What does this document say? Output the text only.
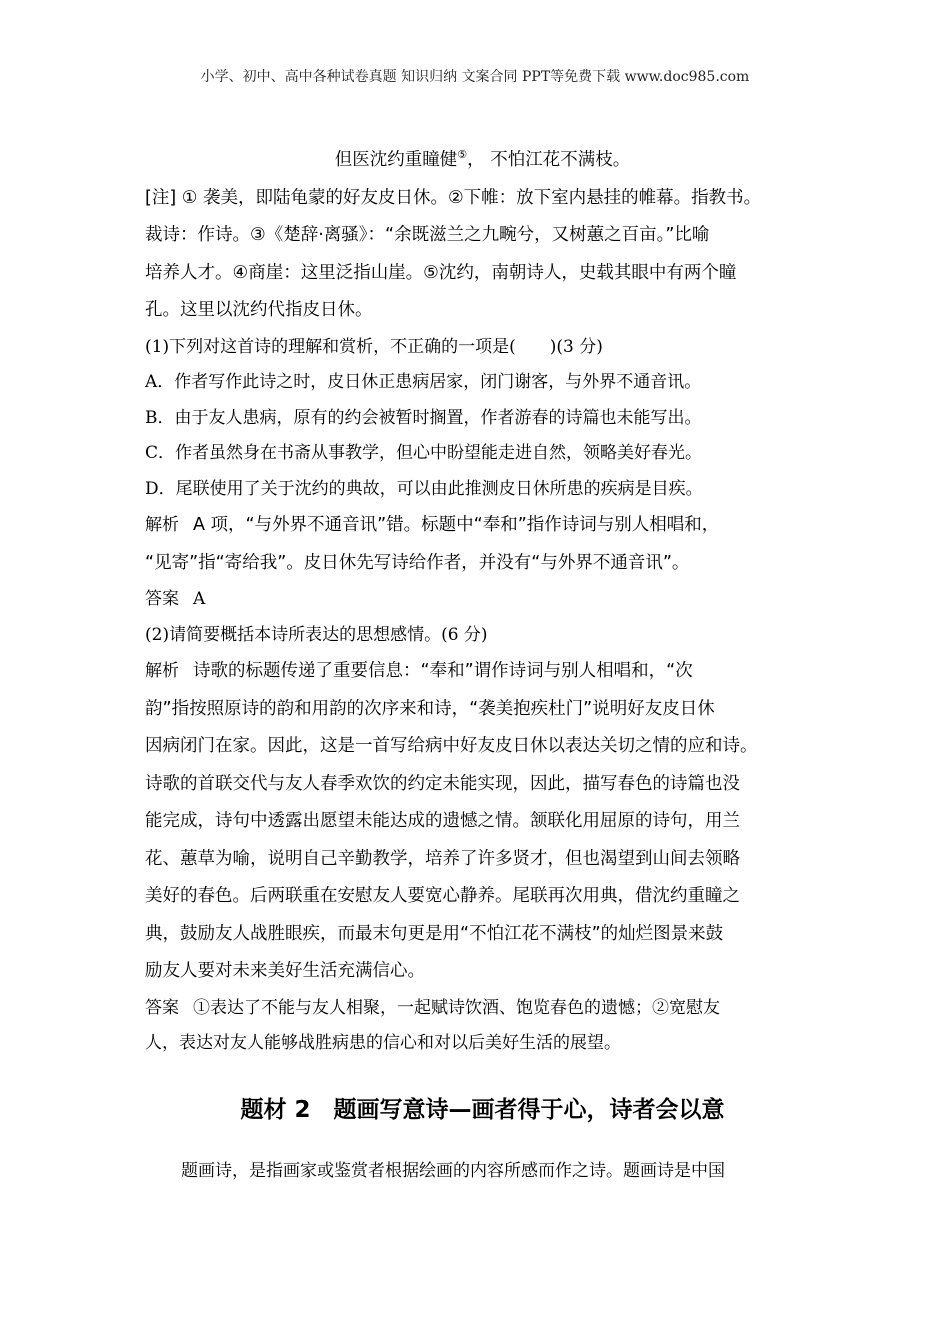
小学、初中、高中各种试卷真题 知识归纳 文案合同 PPT等免费下载 www.doc985.com

但医沈约重瞳健⑤， 不怕江花不满枝。

[注] ① 袭美，即陆龟蒙的好友皮日休。②下帷：放下室内悬挂的帷幕。指教书。

裁诗：作诗。③《楚辞·离骚》：“余既滋兰之九畹兮，又树蕙之百亩。”比喻

培养人才。④商崖：这里泛指山崖。⑤沈约，南朝诗人，史载其眼中有两个瞳

孔。这里以沈约代指皮日休。

(1)下列对这首诗的理解和赏析，不正确的一项是(　　)(3 分)

A．作者写作此诗之时，皮日休正患病居家，闭门谢客，与外界不通音讯。

B．由于友人患病，原有的约会被暂时搁置，作者游春的诗篇也未能写出。

C．作者虽然身在书斋从事教学，但心中盼望能走进自然，领略美好春光。

D．尾联使用了关于沈约的典故，可以由此推测皮日休所患的疾病是目疾。

解析 A 项，“与外界不通音讯”错。标题中“奉和”指作诗词与别人相唱和，

“见寄”指“寄给我”。皮日休先写诗给作者，并没有“与外界不通音讯”。

答案 A

(2)请简要概括本诗所表达的思想感情。(6 分)

解析 诗歌的标题传递了重要信息：“奉和”谓作诗词与别人相唱和，“次

韵”指按照原诗的韵和用韵的次序来和诗，“袭美抱疾杜门”说明好友皮日休

因病闭门在家。因此，这是一首写给病中好友皮日休以表达关切之情的应和诗。

诗歌的首联交代与友人春季欢饮的约定未能实现，因此，描写春色的诗篇也没

能完成，诗句中透露出愿望未能达成的遗憾之情。颔联化用屈原的诗句，用兰

花、蕙草为喻，说明自己辛勤教学，培养了许多贤才，但也渴望到山间去领略

美好的春色。后两联重在安慰友人要宽心静养。尾联再次用典，借沈约重瞳之

典，鼓励友人战胜眼疾，而最末句更是用“不怕江花不满枝”的灿烂图景来鼓

励友人要对未来美好生活充满信心。

答案 ①表达了不能与友人相聚，一起赋诗饮酒、饱览春色的遗憾；②宽慰友

人，表达对友人能够战胜病患的信心和对以后美好生活的展望。

题材 2　题画写意诗—画者得于心，诗者会以意

题画诗，是指画家或鉴赏者根据绘画的内容所感而作之诗。题画诗是中国
